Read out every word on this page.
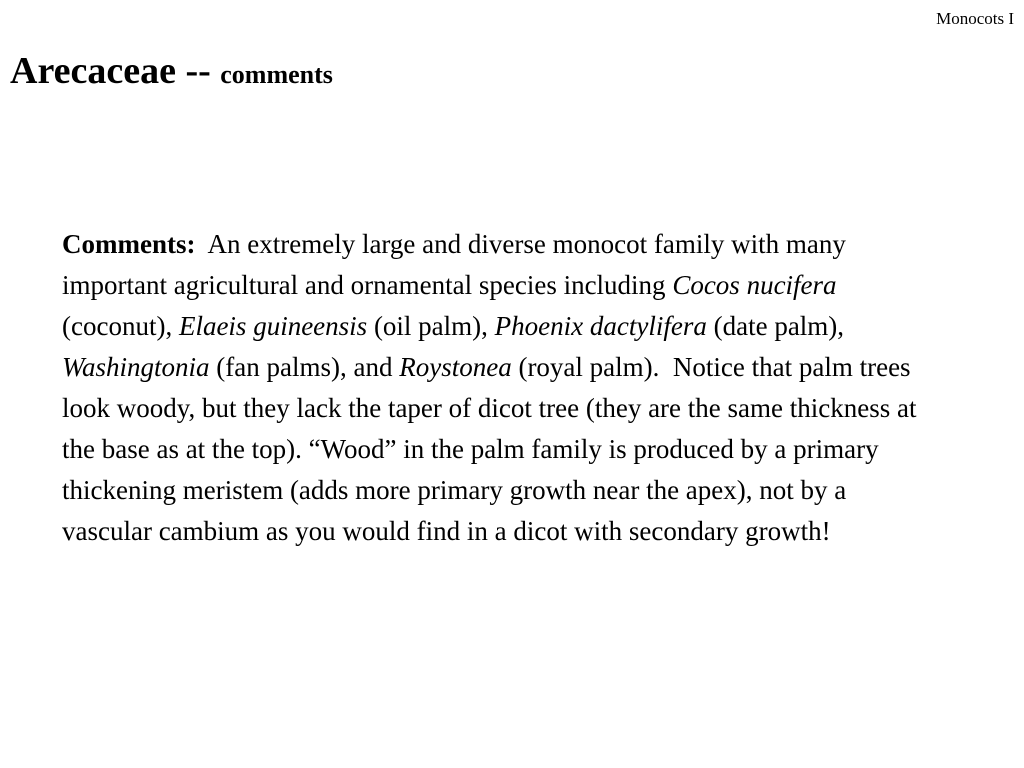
Monocots I
Arecaceae -- comments

Comments: An extremely large and diverse monocot family with many important agricultural and ornamental species including Cocos nucifera (coconut), Elaeis guineensis (oil palm), Phoenix dactylifera (date palm), Washingtonia (fan palms), and Roystonea (royal palm). Notice that palm trees look woody, but they lack the taper of dicot tree (they are the same thickness at the base as at the top). “Wood” in the palm family is produced by a primary thickening meristem (adds more primary growth near the apex), not by a vascular cambium as you would find in a dicot with secondary growth!
